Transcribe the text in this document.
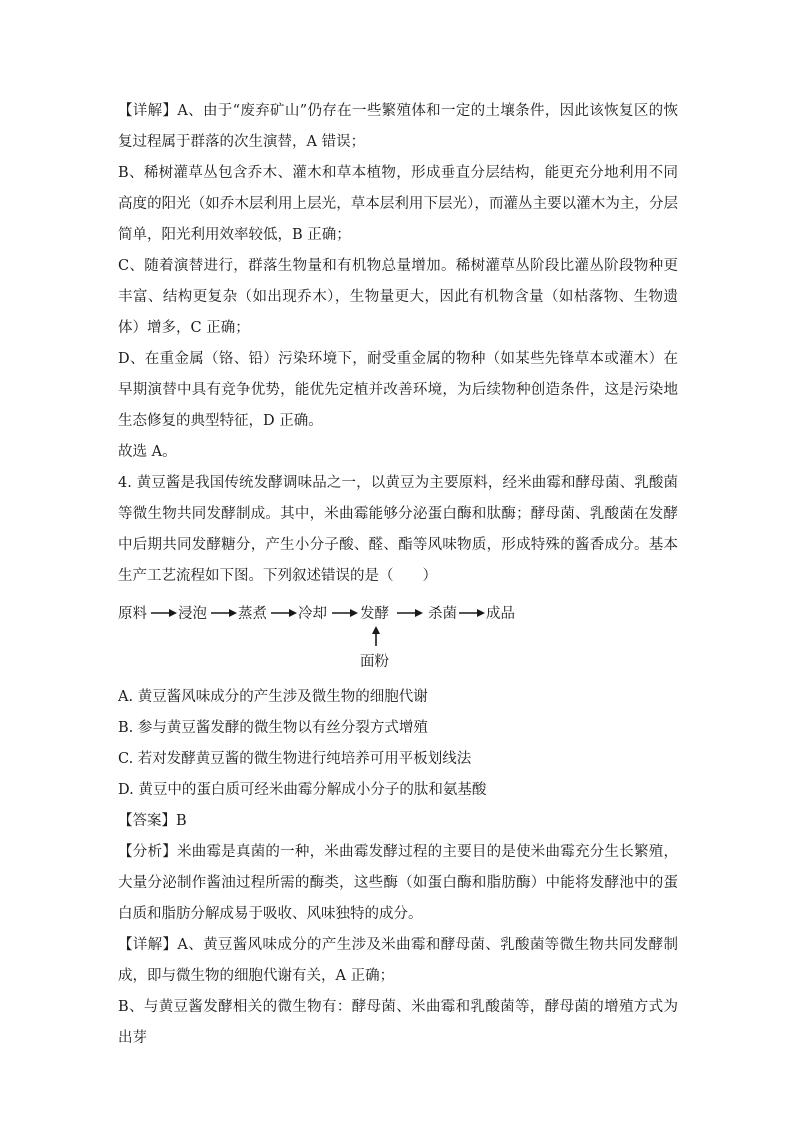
【详解】A、由于“废弃矿山”仍存在一些繁殖体和一定的土壤条件，因此该恢复区的恢复过程属于群落的次生演替，A 错误；

B、稀树灌草丛包含乔木、灌木和草本植物，形成垂直分层结构，能更充分地利用不同高度的阳光（如乔木层利用上层光，草本层利用下层光），而灌丛主要以灌木为主，分层简单，阳光利用效率较低，B 正确；

C、随着演替进行，群落生物量和有机物总量增加。稀树灌草丛阶段比灌丛阶段物种更丰富、结构更复杂（如出现乔木），生物量更大，因此有机物含量（如枯落物、生物遗体）增多，C 正确；

D、在重金属（铬、铅）污染环境下，耐受重金属的物种（如某些先锋草本或灌木）在早期演替中具有竞争优势，能优先定植并改善环境，为后续物种创造条件，这是污染地生态修复的典型特征，D 正确。

故选 A。

4. 黄豆酱是我国传统发酵调味品之一，以黄豆为主要原料，经米曲霉和酵母菌、乳酸菌等微生物共同发酵制成。其中，米曲霉能够分泌蛋白酶和肽酶；酵母菌、乳酸菌在发酵中后期共同发酵糖分，产生小分子酸、醛、酯等风味物质，形成特殊的酱香成分。基本生产工艺流程如下图。下列叙述错误的是（　　）

原料 浸泡 蒸煮 冷却 发酵	杀菌 成品
面粉

A. 黄豆酱风味成分的产生涉及微生物的细胞代谢

B. 参与黄豆酱发酵的微生物以有丝分裂方式增殖

C. 若对发酵黄豆酱的微生物进行纯培养可用平板划线法

D. 黄豆中的蛋白质可经米曲霉分解成小分子的肽和氨基酸

【答案】B

【分析】米曲霉是真菌的一种，米曲霉发酵过程的主要目的是使米曲霉充分生长繁殖，大量分泌制作酱油过程所需的酶类，这些酶（如蛋白酶和脂肪酶）中能将发酵池中的蛋白质和脂肪分解成易于吸收、风味独特的成分。

【详解】A、黄豆酱风味成分的产生涉及米曲霉和酵母菌、乳酸菌等微生物共同发酵制成，即与微生物的细胞代谢有关，A 正确；

B、与黄豆酱发酵相关的微生物有：酵母菌、米曲霉和乳酸菌等，酵母菌的增殖方式为出芽
